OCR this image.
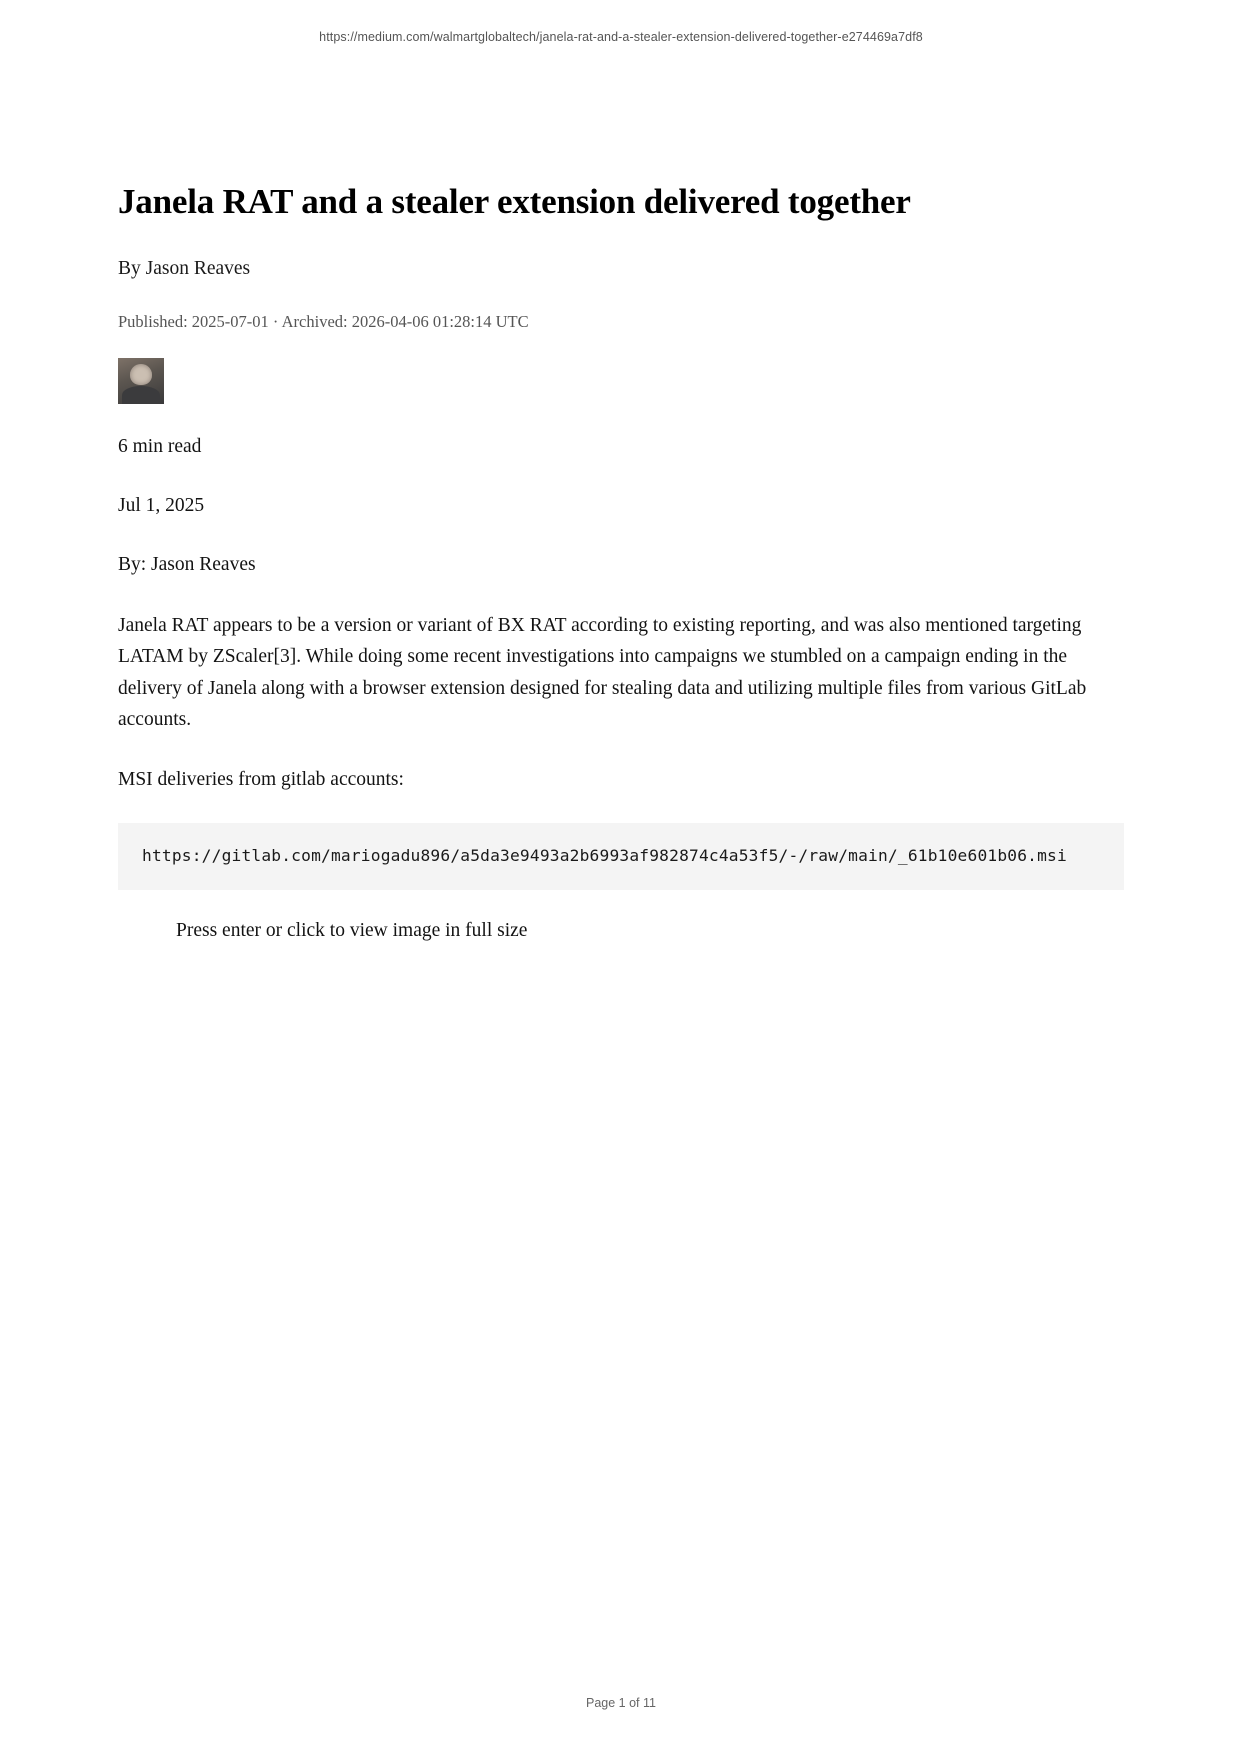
https://medium.com/walmartglobaltech/janela-rat-and-a-stealer-extension-delivered-together-e274469a7df8
Janela RAT and a stealer extension delivered together

By Jason Reaves

Published: 2025-07-01 · Archived: 2026-04-06 01:28:14 UTC

6 min read

Jul 1, 2025

By: Jason Reaves

Janela RAT appears to be a version or variant of BX RAT according to existing reporting, and was also mentioned targeting LATAM by ZScaler[3]. While doing some recent investigations into campaigns we stumbled on a campaign ending in the delivery of Janela along with a browser extension designed for stealing data and utilizing multiple files from various GitLab accounts.

MSI deliveries from gitlab accounts:

https://gitlab.com/mariogadu896/a5da3e9493a2b6993af982874c4a53f5/-/raw/main/_61b10e601b06.msi
Press enter or click to view image in full size
Page 1 of 11
